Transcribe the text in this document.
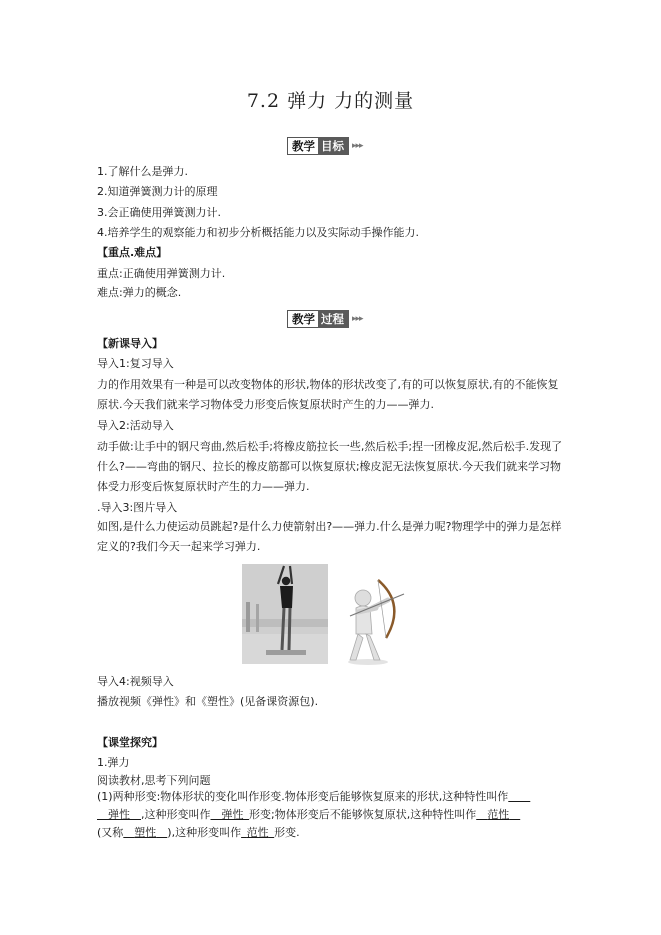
7.2 弹力 力的测量
教学 目标 ▸▸▸
1.了解什么是弹力.
2.知道弹簧测力计的原理
3.会正确使用弹簧测力计.
4.培养学生的观察能力和初步分析概括能力以及实际动手操作能力.
【重点.难点】
重点:正确使用弹簧测力计.
难点:弹力的概念.
教学 过程 ▸▸▸
【新课导入】
导入1:复习导入
力的作用效果有一种是可以改变物体的形状,物体的形状改变了,有的可以恢复原状,有的不能恢复原状.今天我们就来学习物体受力形变后恢复原状时产生的力——弹力.
导入2:活动导入
动手做:让手中的钢尺弯曲,然后松手;将橡皮筋拉长一些,然后松手;捏一团橡皮泥,然后松手.发现了什么?——弯曲的钢尺、拉长的橡皮筋都可以恢复原状;橡皮泥无法恢复原状.今天我们就来学习物体受力形变后恢复原状时产生的力——弹力.
.导入3:图片导入
如图,是什么力使运动员跳起?是什么力使箭射出?——弹力.什么是弹力呢?物理学中的弹力是怎样定义的?我们今天一起来学习弹力.
导入4:视频导入
播放视频《弹性》和《塑性》(见备课资源包).
【课堂探究】
1.弹力
阅读教材,思考下列问题
(1)两种形变:物体形状的变化叫作形变.物体形变后能够恢复原来的形状,这种特性叫作  
 弹性  ,这种形变叫作  弹性  形变;物体形变后不能够恢复原状,这种特性叫作  范性 
(又称  塑性  ),这种形变叫作  范性  形变.
